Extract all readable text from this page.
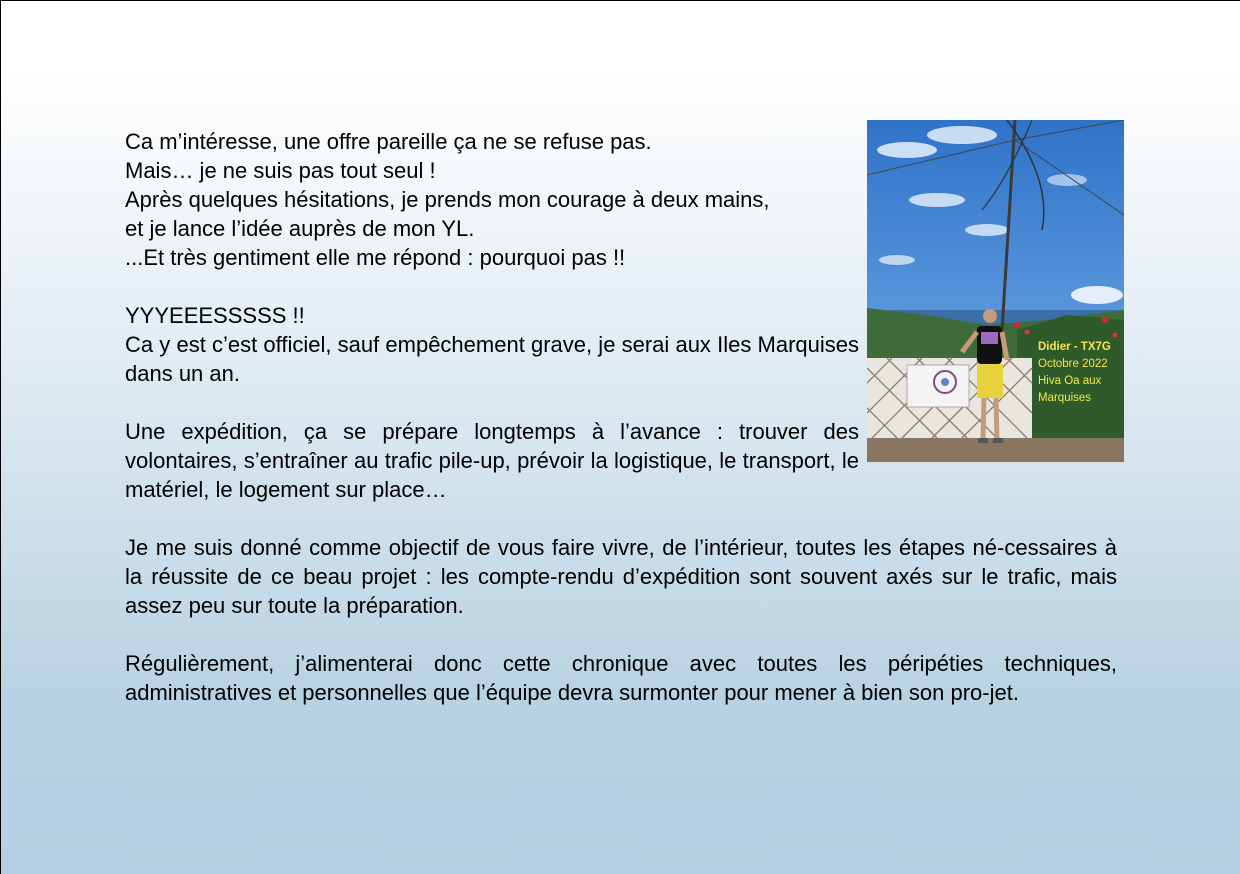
Ca m’intéresse, une offre pareille ça ne se refuse pas.
Mais… je ne suis pas tout seul !
Après quelques hésitations, je prends mon courage à deux mains,
et je lance l’idée auprès de mon YL.
...Et très gentiment elle me répond : pourquoi pas !!

YYYEEESSSSS !!
Ca y est c’est officiel, sauf empêchement grave, je serai aux Iles Marquises dans un an.

Une expédition, ça se prépare longtemps à l’avance : trouver des volontaires, s’entraîner au trafic pile-up, prévoir la logistique, le transport, le matériel, le logement sur place…

Je me suis donné comme objectif de vous faire vivre, de l’intérieur, toutes les étapes né-cessaires à la réussite de ce beau projet : les compte-rendu d’expédition sont souvent axés sur le trafic, mais assez peu sur toute la préparation.

Régulièrement, j’alimenterai donc cette chronique avec toutes les péripéties techniques, administratives et personnelles que l’équipe devra surmonter pour mener à bien son pro-jet.

Didier - TX7G
Octobre 2022
Hiva Oa aux
Marquises
